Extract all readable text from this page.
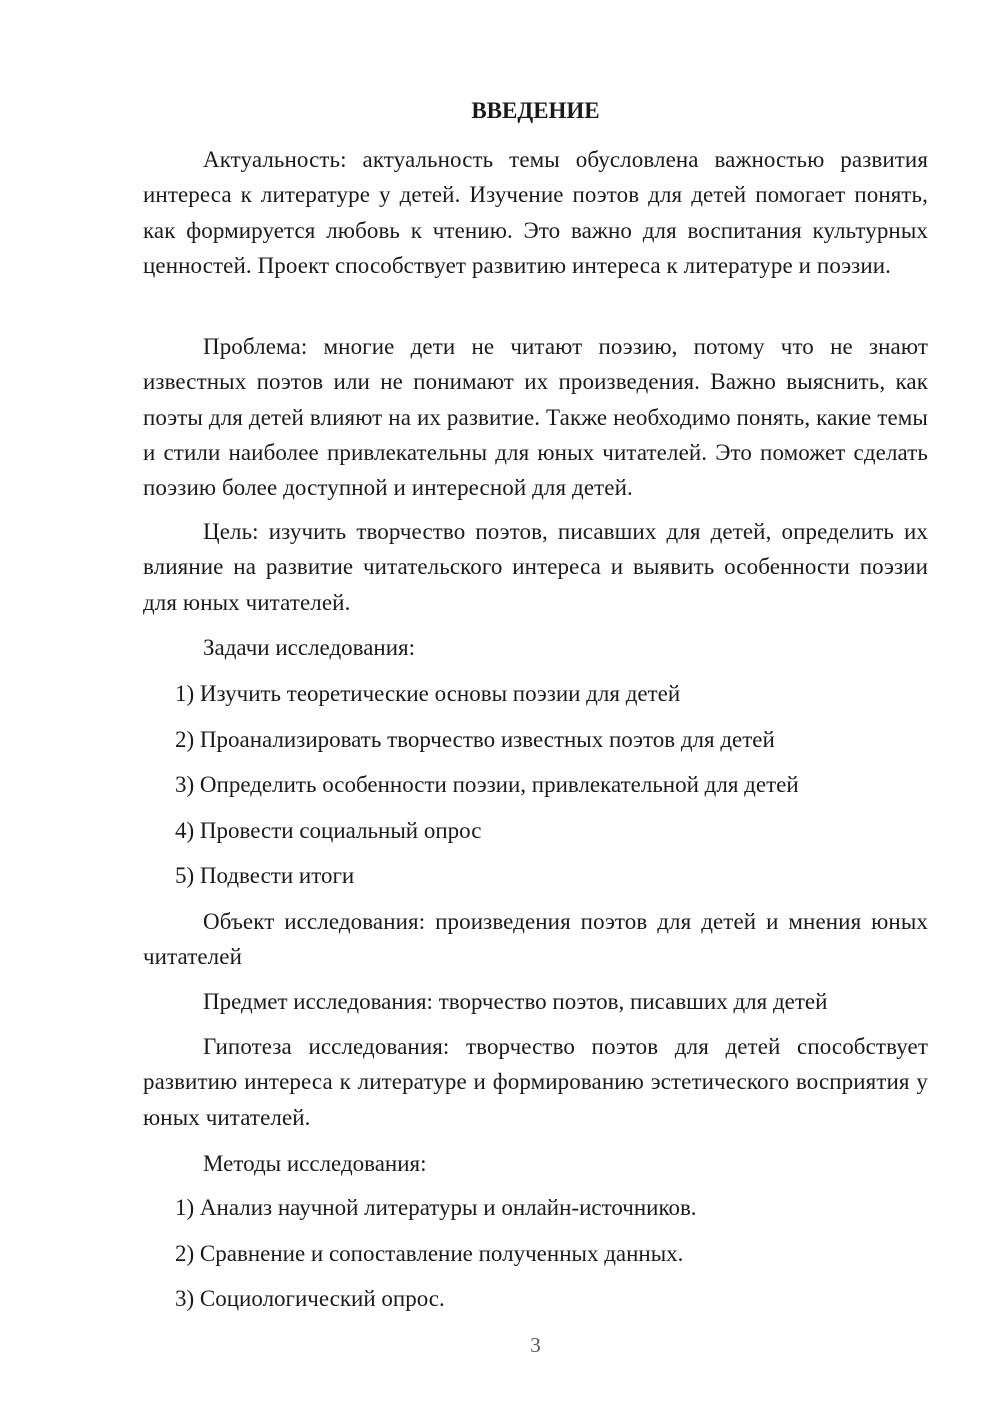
ВВЕДЕНИЕ

Актуальность: актуальность темы обусловлена важностью развития интереса к литературе у детей. Изучение поэтов для детей помогает понять, как формируется любовь к чтению. Это важно для воспитания культурных ценностей. Проект способствует развитию интереса к литературе и поэзии.

Проблема: многие дети не читают поэзию, потому что не знают известных поэтов или не понимают их произведения. Важно выяснить, как поэты для детей влияют на их развитие. Также необходимо понять, какие темы и стили наиболее привлекательны для юных читателей. Это поможет сделать поэзию более доступной и интересной для детей.

Цель: изучить творчество поэтов, писавших для детей, определить их влияние на развитие читательского интереса и выявить особенности поэзии для юных читателей.

Задачи исследования:

1) Изучить теоретические основы поэзии для детей

2) Проанализировать творчество известных поэтов для детей

3) Определить особенности поэзии, привлекательной для детей

4) Провести социальный опрос

5) Подвести итоги

Объект исследования: произведения поэтов для детей и мнения юных читателей

Предмет исследования: творчество поэтов, писавших для детей

Гипотеза исследования: творчество поэтов для детей способствует развитию интереса к литературе и формированию эстетического восприятия у юных читателей.

Методы исследования:

1) Анализ научной литературы и онлайн-источников.

2) Сравнение и сопоставление полученных данных.

3) Социологический опрос.

3
